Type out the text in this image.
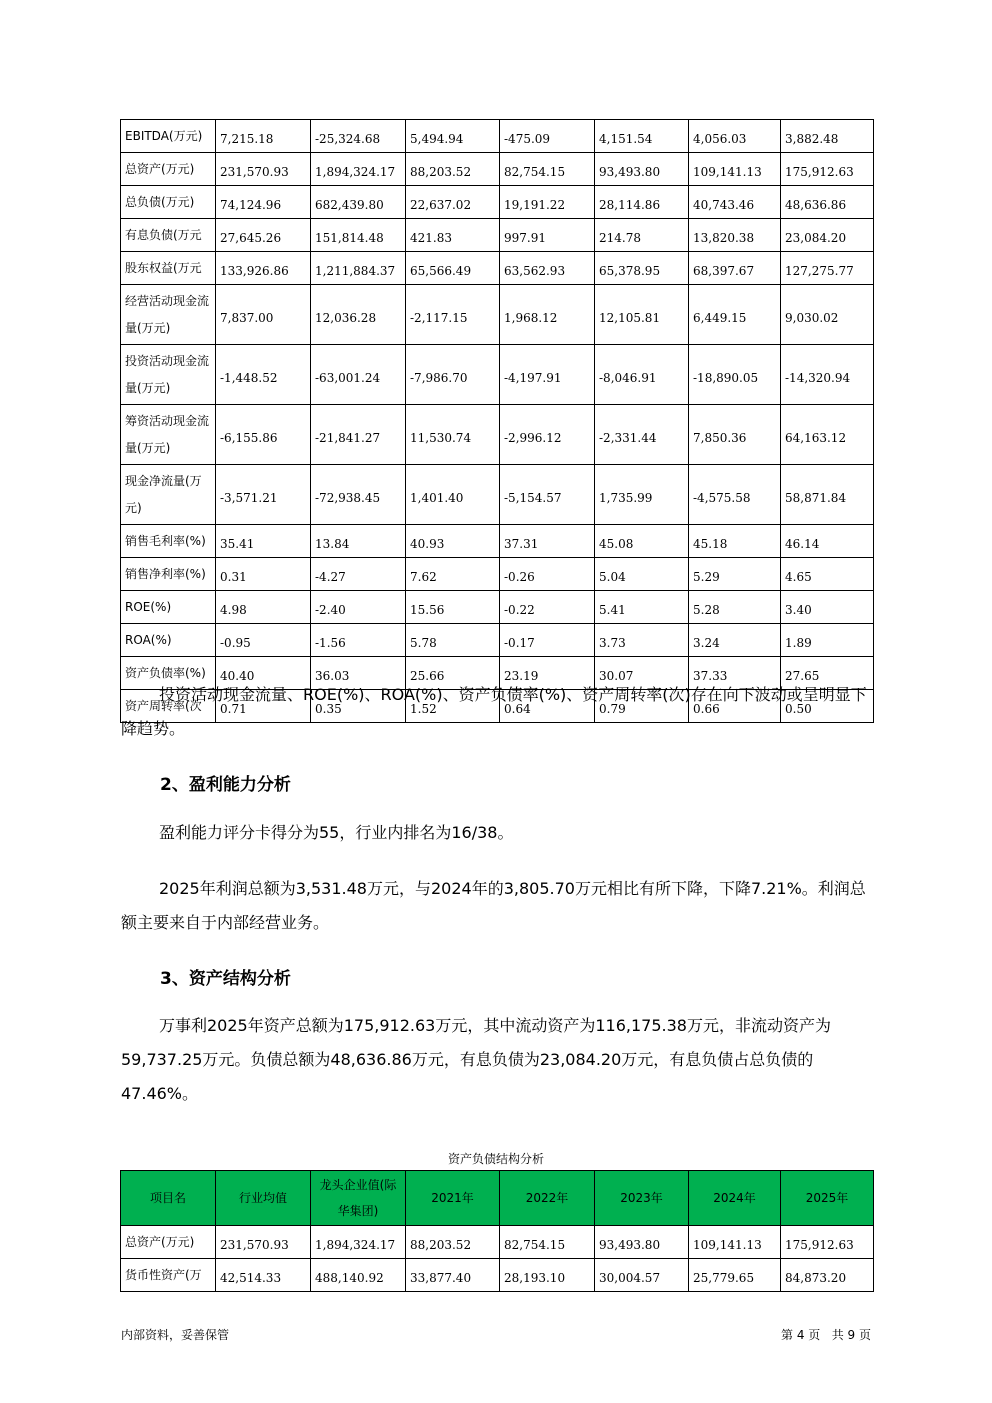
EBITDA(万元)	7,215.18	-25,324.68	5,494.94	-475.09	4,151.54	4,056.03	3,882.48
总资产(万元)	231,570.93	1,894,324.17	88,203.52	82,754.15	93,493.80	109,141.13	175,912.63
总负债(万元)	74,124.96	682,439.80	22,637.02	19,191.22	28,114.86	40,743.46	48,636.86
有息负债(万元	27,645.26	151,814.48	421.83	997.91	214.78	13,820.38	23,084.20
股东权益(万元	133,926.86	1,211,884.37	65,566.49	63,562.93	65,378.95	68,397.67	127,275.77
经营活动现金流量(万元)	7,837.00	12,036.28	-2,117.15	1,968.12	12,105.81	6,449.15	9,030.02
投资活动现金流量(万元)	-1,448.52	-63,001.24	-7,986.70	-4,197.91	-8,046.91	-18,890.05	-14,320.94
筹资活动现金流量(万元)	-6,155.86	-21,841.27	11,530.74	-2,996.12	-2,331.44	7,850.36	64,163.12
现金净流量(万元)	-3,571.21	-72,938.45	1,401.40	-5,154.57	1,735.99	-4,575.58	58,871.84
销售毛利率(%)	35.41	13.84	40.93	37.31	45.08	45.18	46.14
销售净利率(%)	0.31	-4.27	7.62	-0.26	5.04	5.29	4.65
ROE(%)	4.98	-2.40	15.56	-0.22	5.41	5.28	3.40
ROA(%)	-0.95	-1.56	5.78	-0.17	3.73	3.24	1.89
资产负债率(%)	40.40	36.03	25.66	23.19	30.07	37.33	27.65
资产周转率(次	0.71	0.35	1.52	0.64	0.79	0.66	0.50
投资活动现金流量、ROE(%)、ROA(%)、资产负债率(%)、资产周转率(次)存在向下波动或呈明显下降趋势。
2、盈利能力分析
盈利能力评分卡得分为55，行业内排名为16/38。
2025年利润总额为3,531.48万元，与2024年的3,805.70万元相比有所下降，下降7.21%。利润总额主要来自于内部经营业务。
3、资产结构分析
万事利2025年资产总额为175,912.63万元，其中流动资产为116,175.38万元，非流动资产为59,737.25万元。负债总额为48,636.86万元，有息负债为23,084.20万元，有息负债占总负债的47.46%。
资产负债结构分析
项目名	行业均值	龙头企业值(际华集团)	2021年	2022年	2023年	2024年	2025年
总资产(万元)	231,570.93	1,894,324.17	88,203.52	82,754.15	93,493.80	109,141.13	175,912.63
货币性资产(万	42,514.33	488,140.92	33,877.40	28,193.10	30,004.57	25,779.65	84,873.20
内部资料，妥善保管	第 4 页   共 9 页
